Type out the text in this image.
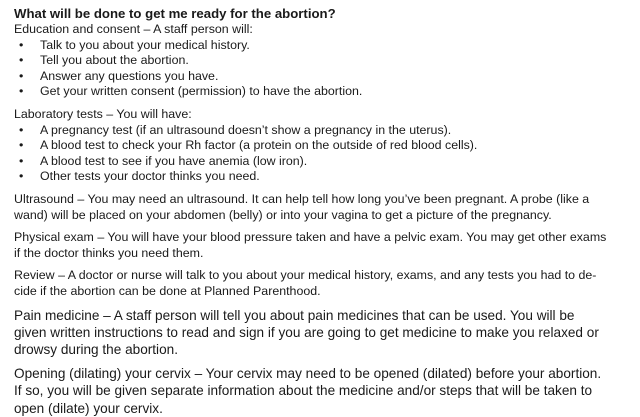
What will be done to get me ready for the abortion?

Education and consent – A staff person will:

• Talk to you about your medical history.
• Tell you about the abortion.
• Answer any questions you have.
• Get your written consent (permission) to have the abortion.

Laboratory tests – You will have:

• A pregnancy test (if an ultrasound doesn’t show a pregnancy in the uterus).
• A blood test to check your Rh factor (a protein on the outside of red blood cells).
• A blood test to see if you have anemia (low iron).
• Other tests your doctor thinks you need.

Ultrasound – You may need an ultrasound. It can help tell how long you’ve been pregnant. A probe (like a
wand) will be placed on your abdomen (belly) or into your vagina to get a picture of the pregnancy.

Physical exam – You will have your blood pressure taken and have a pelvic exam. You may get other exams
if the doctor thinks you need them.

Review – A doctor or nurse will talk to you about your medical history, exams, and any tests you had to de-
cide if the abortion can be done at Planned Parenthood.

Pain medicine – A staff person will tell you about pain medicines that can be used. You will be
given written instructions to read and sign if you are going to get medicine to make you relaxed or
drowsy during the abortion.

Opening (dilating) your cervix – Your cervix may need to be opened (dilated) before your abortion.
If so, you will be given separate information about the medicine and/or steps that will be taken to
open (dilate) your cervix.
